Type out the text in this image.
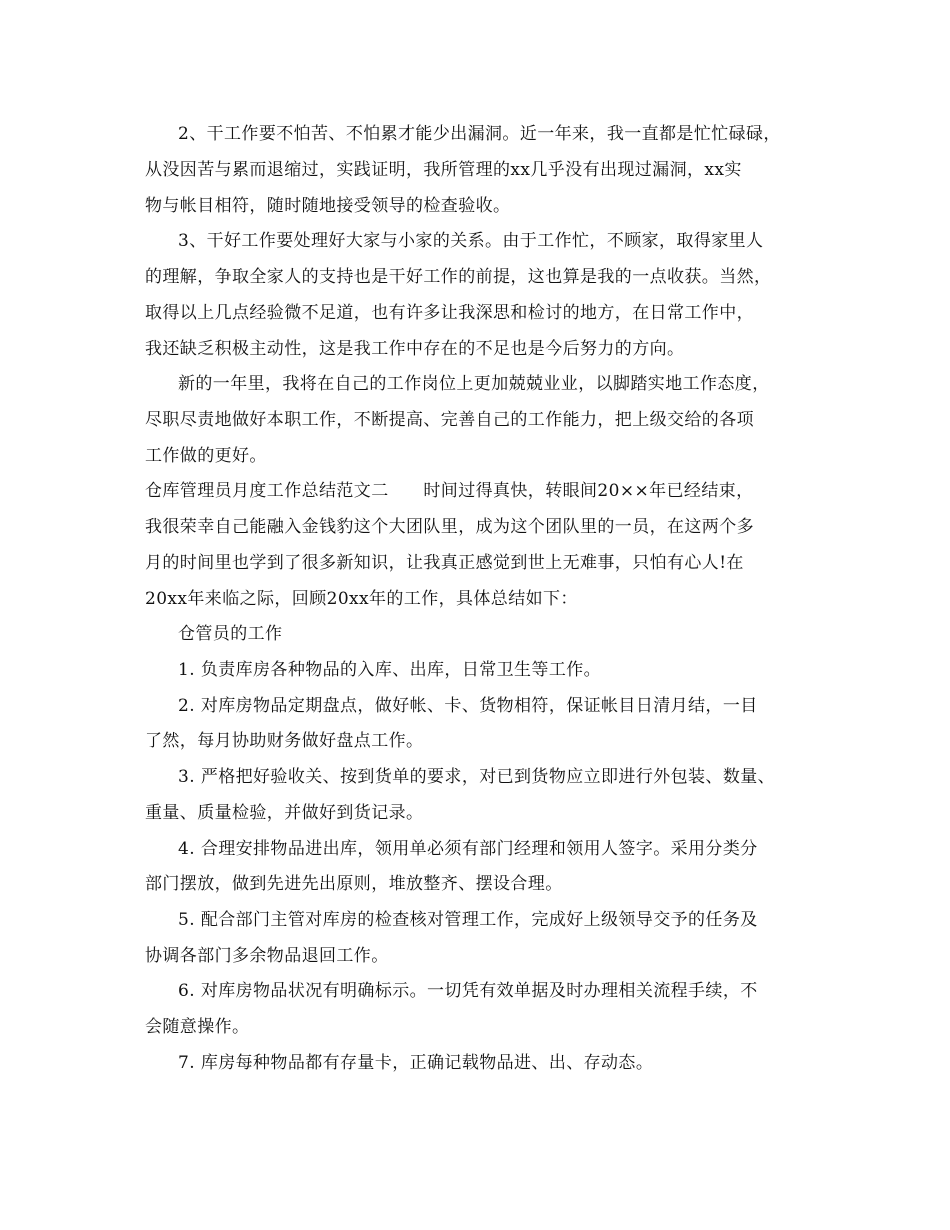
2、干工作要不怕苦、不怕累才能少出漏洞。近一年来，我一直都是忙忙碌碌，
从没因苦与累而退缩过，实践证明，我所管理的xx几乎没有出现过漏洞，xx实
物与帐目相符，随时随地接受领导的检查验收。
3、干好工作要处理好大家与小家的关系。由于工作忙，不顾家，取得家里人
的理解，争取全家人的支持也是干好工作的前提，这也算是我的一点收获。当然，
取得以上几点经验微不足道，也有许多让我深思和检讨的地方，在日常工作中，
我还缺乏积极主动性，这是我工作中存在的不足也是今后努力的方向。
新的一年里，我将在自己的工作岗位上更加兢兢业业，以脚踏实地工作态度，
尽职尽责地做好本职工作，不断提高、完善自己的工作能力，把上级交给的各项
工作做的更好。
仓库管理员月度工作总结范文二　　时间过得真快，转眼间20××年已经结束，
我很荣幸自己能融入金钱豹这个大团队里，成为这个团队里的一员，在这两个多
月的时间里也学到了很多新知识，让我真正感觉到世上无难事，只怕有心人!在
20xx年来临之际，回顾20xx年的工作，具体总结如下：
仓管员的工作
1. 负责库房各种物品的入库、出库，日常卫生等工作。
2. 对库房物品定期盘点，做好帐、卡、货物相符，保证帐目日清月结，一目
了然，每月协助财务做好盘点工作。
3. 严格把好验收关、按到货单的要求，对已到货物应立即进行外包装、数量、
重量、质量检验，并做好到货记录。
4. 合理安排物品进出库，领用单必须有部门经理和领用人签字。采用分类分
部门摆放，做到先进先出原则，堆放整齐、摆设合理。
5. 配合部门主管对库房的检查核对管理工作，完成好上级领导交予的任务及
协调各部门多余物品退回工作。
6. 对库房物品状况有明确标示。一切凭有效单据及时办理相关流程手续，不
会随意操作。
7. 库房每种物品都有存量卡，正确记载物品进、出、存动态。
